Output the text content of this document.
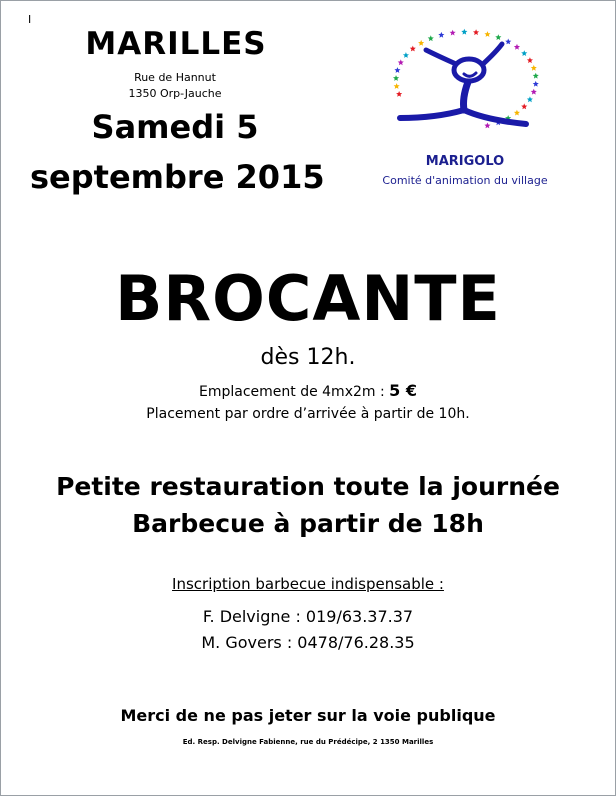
I
MARILLES
Rue de Hannut
1350 Orp-Jauche
Samedi 5
septembre 2015	MARIGOLO
Comité d'animation du village
BROCANTE
dès 12h.
Emplacement de 4mx2m : 5 €
Placement par ordre d’arrivée à partir de 10h.
Petite restauration toute la journée
Barbecue à partir de 18h
Inscription barbecue indispensable :
F. Delvigne : 019/63.37.37
M. Govers : 0478/76.28.35
Merci de ne pas jeter sur la voie publique
Ed. Resp. Delvigne Fabienne, rue du Prédécipe, 2 1350 Marilles
